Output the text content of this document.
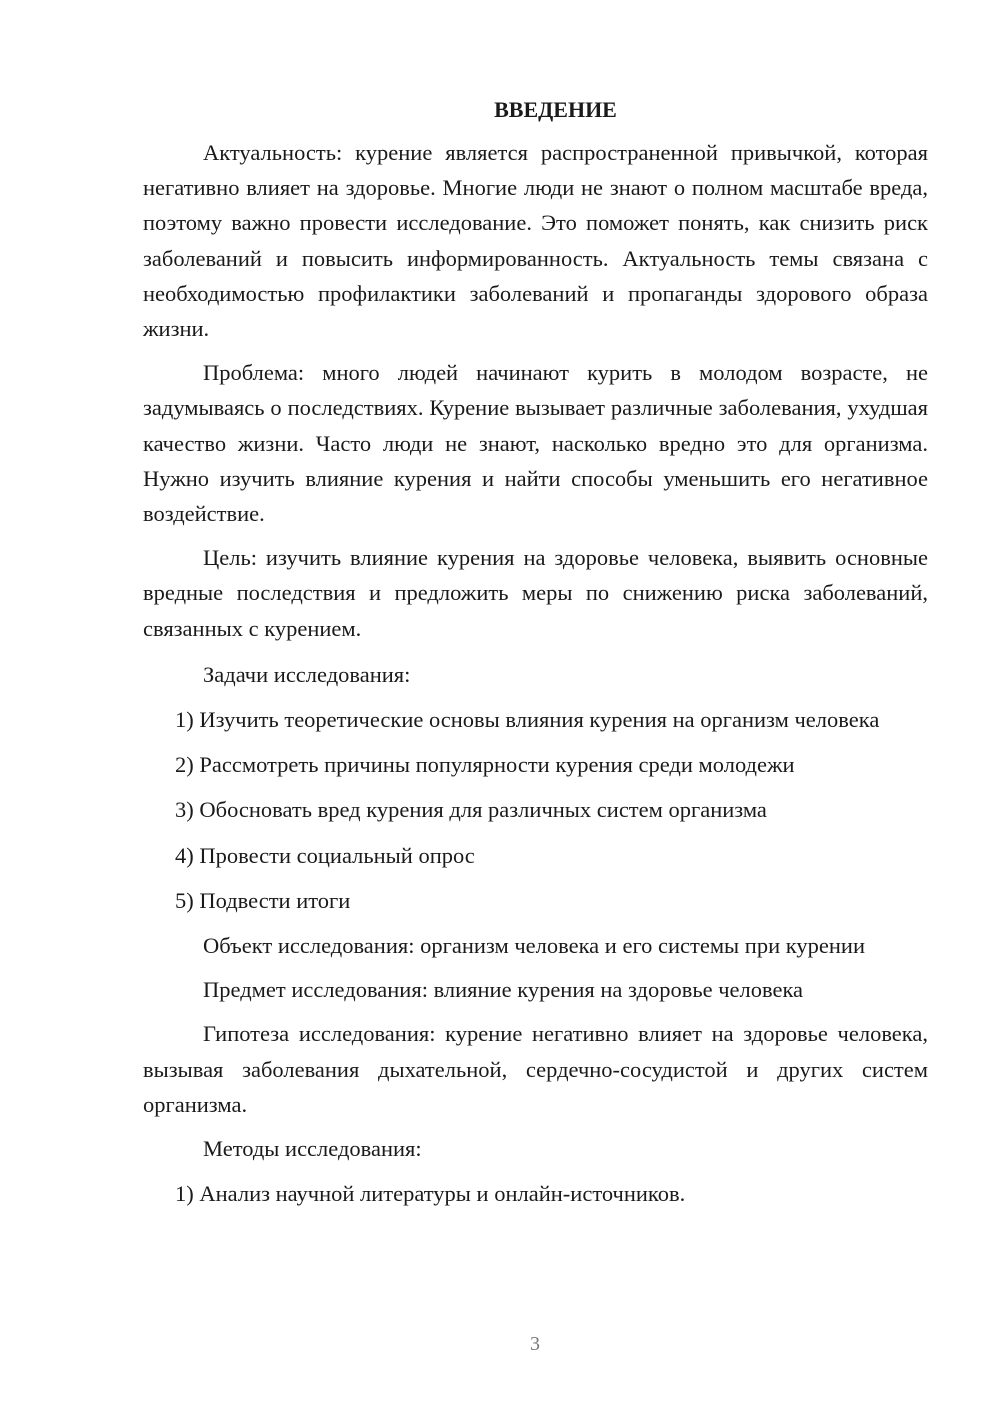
ВВЕДЕНИЕ

Актуальность: курение является распространенной привычкой, которая негативно влияет на здоровье. Многие люди не знают о полном масштабе вреда, поэтому важно провести исследование. Это поможет понять, как снизить риск заболеваний и повысить информированность. Актуальность темы связана с необходимостью профилактики заболеваний и пропаганды здорового образа жизни.

Проблема: много людей начинают курить в молодом возрасте, не задумываясь о последствиях. Курение вызывает различные заболевания, ухудшая качество жизни. Часто люди не знают, насколько вредно это для организма. Нужно изучить влияние курения и найти способы уменьшить его негативное воздействие.

Цель: изучить влияние курения на здоровье человека, выявить основные вредные последствия и предложить меры по снижению риска заболеваний, связанных с курением.

Задачи исследования:

1) Изучить теоретические основы влияния курения на организм человека

2) Рассмотреть причины популярности курения среди молодежи

3) Обосновать вред курения для различных систем организма

4) Провести социальный опрос

5) Подвести итоги

Объект исследования: организм человека и его системы при курении

Предмет исследования: влияние курения на здоровье человека

Гипотеза исследования: курение негативно влияет на здоровье человека, вызывая заболевания дыхательной, сердечно-сосудистой и других систем организма.

Методы исследования:

1) Анализ научной литературы и онлайн-источников.

3
